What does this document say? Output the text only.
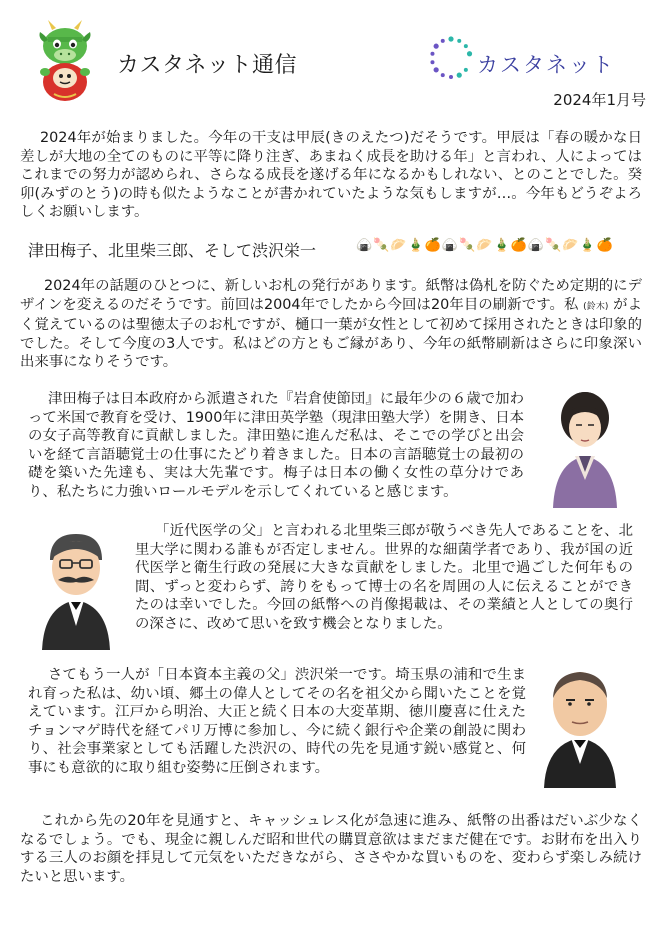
カスタネット通信	カスタネット
2024年1月号

2024年が始まりました。今年の干支は甲辰(きのえたつ)だそうです。甲辰は「春の暖かな日差しが大地の全てのものに平等に降り注ぎ、あまねく成長を助ける年」と言われ、人によってはこれまでの努力が認められ、さらなる成長を遂げる年になるかもしれない、とのことでした。癸卯(みずのとう)の時も似たようなことが書かれていたような気もしますが…。今年もどうぞよろしくお願いします。

津田梅子、北里柴三郎、そして渋沢栄一	🍙🍡🥟🎍🍊🍙🍡🥟🎍🍊🍙🍡🥟🎍🍊

2024年の話題のひとつに、新しいお札の発行があります。紙幣は偽札を防ぐため定期的にデザインを変えるのだそうです。前回は2004年でしたから今回は20年目の刷新です。私 (鈴木) がよく覚えているのは聖徳太子のお札ですが、樋口一葉が女性として初めて採用されたときは印象的でした。そして今度の3人です。私はどの方ともご縁があり、今年の紙幣刷新はさらに印象深い出来事になりそうです。

津田梅子は日本政府から派遣された『岩倉使節団』に最年少の６歳で加わって米国で教育を受け、1900年に津田英学塾（現津田塾大学）を開き、日本の女子高等教育に貢献しました。津田塾に進んだ私は、そこでの学びと出会いを経て言語聴覚士の仕事にたどり着きました。日本の言語聴覚士の最初の礎を築いた先達も、実は大先輩です。梅子は日本の働く女性の草分けであり、私たちに力強いロールモデルを示してくれていると感じます。

「近代医学の父」と言われる北里柴三郎が敬うべき先人であることを、北里大学に関わる誰もが否定しません。世界的な細菌学者であり、我が国の近代医学と衛生行政の発展に大きな貢献をしました。北里で過ごした何年もの間、ずっと変わらず、誇りをもって博士の名を周囲の人に伝えることができたのは幸いでした。今回の紙幣への肖像掲載は、その業績と人としての奥行の深さに、改めて思いを致す機会となりました。

さてもう一人が「日本資本主義の父」渋沢栄一です。埼玉県の浦和で生まれ育った私は、幼い頃、郷土の偉人としてその名を祖父から聞いたことを覚えています。江戸から明治、大正と続く日本の大変革期、徳川慶喜に仕えたチョンマゲ時代を経てパリ万博に参加し、今に続く銀行や企業の創設に関わり、社会事業家としても活躍した渋沢の、時代の先を見通す鋭い感覚と、何事にも意欲的に取り組む姿勢に圧倒されます。

これから先の20年を見通すと、キャッシュレス化が急速に進み、紙幣の出番はだいぶ少なくなるでしょう。でも、現金に親しんだ昭和世代の購買意欲はまだまだ健在です。お財布を出入りする三人のお顔を拝見して元気をいただきながら、ささやかな買いものを、変わらず楽しみ続けたいと思います。
